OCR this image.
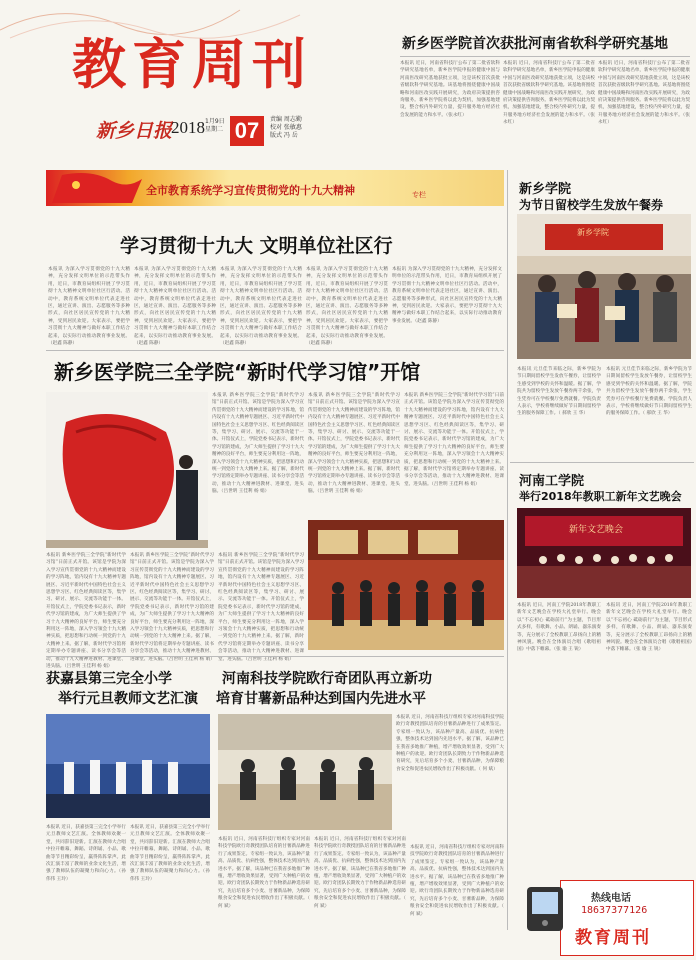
教育周刊
新乡日报
2018 1月9日
星期二 07	责编 周志勤
校对 张敏惠
版式 冯 岳
新乡医学院首次获批河南省软科学研究基地
本报讯 近日，河南省科技厅公布了第二批省软科学研究基地名单，新乡医学院申报的健康中国与河南医改研究基地获批立项，这是该校首次获批省级软科学研究基地。该基地将围绕健康中国战略和河南医改实践开展研究，为政府决策提供咨询服务。新乡医学院将以此为契机，加强基地建设，整合校内外研究力量，提升服务地方经济社会发展的能力和水平。（张永红）
本报讯 近日，河南省科技厅公布了第二批省软科学研究基地名单，新乡医学院申报的健康中国与河南医改研究基地获批立项，这是该校首次获批省级软科学研究基地。该基地将围绕健康中国战略和河南医改实践开展研究，为政府决策提供咨询服务。新乡医学院将以此为契机，加强基地建设，整合校内外研究力量，提升服务地方经济社会发展的能力和水平。（张永红）
本报讯 近日，河南省科技厅公布了第二批省软科学研究基地名单，新乡医学院申报的健康中国与河南医改研究基地获批立项，这是该校首次获批省级软科学研究基地。该基地将围绕健康中国战略和河南医改实践开展研究，为政府决策提供咨询服务。新乡医学院将以此为契机，加强基地建设，整合校内外研究力量，提升服务地方经济社会发展的能力和水平。（张永红）
全市教育系统学习宣传贯彻党的十九大精神	专栏
学习贯彻十九大 文明单位社区行
本报讯 为深入学习贯彻党的十九大精神，充分发挥文明单位的示范带头作用，近日，市教育局组织开展了学习贯彻十九大精神文明单位社区行活动。活动中，教育系统文明单位代表走进社区，通过宣讲、演出、志愿服务等多种形式，向社区居民宣传党的十九大精神，受到居民欢迎。大家表示，要把学习贯彻十九大精神与做好本职工作结合起来，以实际行动推动教育事业发展。（赵鑫 陈静）
本报讯 为深入学习贯彻党的十九大精神，充分发挥文明单位的示范带头作用，近日，市教育局组织开展了学习贯彻十九大精神文明单位社区行活动。活动中，教育系统文明单位代表走进社区，通过宣讲、演出、志愿服务等多种形式，向社区居民宣传党的十九大精神，受到居民欢迎。大家表示，要把学习贯彻十九大精神与做好本职工作结合起来，以实际行动推动教育事业发展。（赵鑫 陈静）
本报讯 为深入学习贯彻党的十九大精神，充分发挥文明单位的示范带头作用，近日，市教育局组织开展了学习贯彻十九大精神文明单位社区行活动。活动中，教育系统文明单位代表走进社区，通过宣讲、演出、志愿服务等多种形式，向社区居民宣传党的十九大精神，受到居民欢迎。大家表示，要把学习贯彻十九大精神与做好本职工作结合起来，以实际行动推动教育事业发展。（赵鑫 陈静）
本报讯 为深入学习贯彻党的十九大精神，充分发挥文明单位的示范带头作用，近日，市教育局组织开展了学习贯彻十九大精神文明单位社区行活动。活动中，教育系统文明单位代表走进社区，通过宣讲、演出、志愿服务等多种形式，向社区居民宣传党的十九大精神，受到居民欢迎。大家表示，要把学习贯彻十九大精神与做好本职工作结合起来，以实际行动推动教育事业发展。（赵鑫 陈静）
本报讯 为深入学习贯彻党的十九大精神，充分发挥文明单位的示范带头作用，近日，市教育局组织开展了学习贯彻十九大精神文明单位社区行活动。活动中，教育系统文明单位代表走进社区，通过宣讲、演出、志愿服务等多种形式，向社区居民宣传党的十九大精神，受到居民欢迎。大家表示，要把学习贯彻十九大精神与做好本职工作结合起来，以实际行动推动教育事业发展。（赵鑫 陈静）
新乡学院
为节日留校学生发放午餐券
新乡学院
本报讯 元旦佳节来临之际，新乡学院为节日期间留校学生发放午餐券，让留校学生感受到学校的关怀和温暖。据了解，学院共为留校学生发放午餐券两千余张，学生凭券可在学校餐厅免费就餐。学院负责人表示，学校将继续做好节日期间留校学生的服务保障工作。（ 郝欣 王 华）
本报讯 元旦佳节来临之际，新乡学院为节日期间留校学生发放午餐券，让留校学生感受到学校的关怀和温暖。据了解，学院共为留校学生发放午餐券两千余张，学生凭券可在学校餐厅免费就餐。学院负责人表示，学校将继续做好节日期间留校学生的服务保障工作。（ 郝欣 王 华）
新乡医学院三全学院“新时代学习馆”开馆
本报讯 新乡医学院三全学院“新时代学习馆”日前正式开馆。该馆是学院为深入学习宣传贯彻党的十九大精神而建设的学习阵地，馆内设有十九大精神专题展区、习近平新时代中国特色社会主义思想学习区、红色经典阅读区等，集学习、研讨、展示、交流等功能于一体。开馆仪式上，学院党委书记表示，新时代学习馆的建成，为广大师生提供了学习十九大精神的良好平台，师生要充分利用这一阵地，深入学习领会十九大精神实质，把思想和行动统一到党的十九大精神上来。据了解，新时代学习馆将定期举办专题讲座、读书分享会等活动，推动十九大精神进教材、进课堂、进头脑。（吕世明 王佳利 杨 娟）
本报讯 新乡医学院三全学院“新时代学习馆”日前正式开馆。该馆是学院为深入学习宣传贯彻党的十九大精神而建设的学习阵地，馆内设有十九大精神专题展区、习近平新时代中国特色社会主义思想学习区、红色经典阅读区等，集学习、研讨、展示、交流等功能于一体。开馆仪式上，学院党委书记表示，新时代学习馆的建成，为广大师生提供了学习十九大精神的良好平台，师生要充分利用这一阵地，深入学习领会十九大精神实质，把思想和行动统一到党的十九大精神上来。据了解，新时代学习馆将定期举办专题讲座、读书分享会等活动，推动十九大精神进教材、进课堂、进头脑。（吕世明 王佳利 杨 娟）
本报讯 新乡医学院三全学院“新时代学习馆”日前正式开馆。该馆是学院为深入学习宣传贯彻党的十九大精神而建设的学习阵地，馆内设有十九大精神专题展区、习近平新时代中国特色社会主义思想学习区、红色经典阅读区等，集学习、研讨、展示、交流等功能于一体。开馆仪式上，学院党委书记表示，新时代学习馆的建成，为广大师生提供了学习十九大精神的良好平台，师生要充分利用这一阵地，深入学习领会十九大精神实质，把思想和行动统一到党的十九大精神上来。据了解，新时代学习馆将定期举办专题讲座、读书分享会等活动，推动十九大精神进教材、进课堂、进头脑。（吕世明 王佳利 杨 娟）
本报讯 新乡医学院三全学院“新时代学习馆”日前正式开馆。该馆是学院为深入学习宣传贯彻党的十九大精神而建设的学习阵地，馆内设有十九大精神专题展区、习近平新时代中国特色社会主义思想学习区、红色经典阅读区等，集学习、研讨、展示、交流等功能于一体。开馆仪式上，学院党委书记表示，新时代学习馆的建成，为广大师生提供了学习十九大精神的良好平台，师生要充分利用这一阵地，深入学习领会十九大精神实质，把思想和行动统一到党的十九大精神上来。据了解，新时代学习馆将定期举办专题讲座、读书分享会等活动，推动十九大精神进教材、进课堂、进头脑。（吕世明 王佳利 杨 娟）
本报讯 新乡医学院三全学院“新时代学习馆”日前正式开馆。该馆是学院为深入学习宣传贯彻党的十九大精神而建设的学习阵地，馆内设有十九大精神专题展区、习近平新时代中国特色社会主义思想学习区、红色经典阅读区等，集学习、研讨、展示、交流等功能于一体。开馆仪式上，学院党委书记表示，新时代学习馆的建成，为广大师生提供了学习十九大精神的良好平台，师生要充分利用这一阵地，深入学习领会十九大精神实质，把思想和行动统一到党的十九大精神上来。据了解，新时代学习馆将定期举办专题讲座、读书分享会等活动，推动十九大精神进教材、进课堂、进头脑。（吕世明 王佳利 杨 娟）
本报讯 新乡医学院三全学院“新时代学习馆”日前正式开馆。该馆是学院为深入学习宣传贯彻党的十九大精神而建设的学习阵地，馆内设有十九大精神专题展区、习近平新时代中国特色社会主义思想学习区、红色经典阅读区等，集学习、研讨、展示、交流等功能于一体。开馆仪式上，学院党委书记表示，新时代学习馆的建成，为广大师生提供了学习十九大精神的良好平台，师生要充分利用这一阵地，深入学习领会十九大精神实质，把思想和行动统一到党的十九大精神上来。据了解，新时代学习馆将定期举办专题讲座、读书分享会等活动，推动十九大精神进教材、进课堂、进头脑。（吕世明 王佳利 杨 娟）
河南工学院
举行2018年教职工新年文艺晚会
新年文艺晚会
本报讯 近日，河南工学院2018年教职工新年文艺晚会在学校大礼堂举行。晚会以“不忘初心 砥砺前行”为主题，节目形式多样，有歌舞、小品、朗诵、器乐演奏等，充分展示了全校教职工昂扬向上的精神风貌。晚会在全体演员合唱《歌唱祖国》中落下帷幕。（张 瑜 王 锐）
本报讯 近日，河南工学院2018年教职工新年文艺晚会在学校大礼堂举行。晚会以“不忘初心 砥砺前行”为主题，节目形式多样，有歌舞、小品、朗诵、器乐演奏等，充分展示了全校教职工昂扬向上的精神风貌。晚会在全体演员合唱《歌唱祖国》中落下帷幕。（张 瑜 王 锐）
获嘉县第三完全小学
举行元旦教师文艺汇演
本报讯 近日，获嘉县第三完全小学举行元旦教师文艺汇演。全体教师欢聚一堂，共同辞旧迎新。汇演在教师大合唱中拉开帷幕，舞蹈、诗朗诵、小品、歌曲等节目精彩纷呈，赢得阵阵掌声。此次汇演丰富了教师的业余文化生活，增强了教师队伍的凝聚力和向心力。（孙伟伟 王玲）
本报讯 近日，获嘉县第三完全小学举行元旦教师文艺汇演。全体教师欢聚一堂，共同辞旧迎新。汇演在教师大合唱中拉开帷幕，舞蹈、诗朗诵、小品、歌曲等节目精彩纷呈，赢得阵阵掌声。此次汇演丰富了教师的业余文化生活，增强了教师队伍的凝聚力和向心力。（孙伟伟 王玲）
河南科技学院欧行奇团队再立新功
培育甘薯新品种达到国内先进水平
本报讯 近日，河南省科技厅组织专家对河南科技学院欧行奇教授团队培育的甘薯新品种进行了成果鉴定。专家组一致认为，该品种产量高、品质优、抗病性强，整体技术达到国内先进水平。据了解，该品种已在我省多地推广种植，增产增收效果显著，受到广大种植户的欢迎。欧行奇团队长期致力于作物新品种选育研究，先后培育多个小麦、甘薯新品种，为保障粮食安全和促进农民增收作出了积极贡献。（ 何 斌）
本报讯 近日，河南省科技厅组织专家对河南科技学院欧行奇教授团队培育的甘薯新品种进行了成果鉴定。专家组一致认为，该品种产量高、品质优、抗病性强，整体技术达到国内先进水平。据了解，该品种已在我省多地推广种植，增产增收效果显著，受到广大种植户的欢迎。欧行奇团队长期致力于作物新品种选育研究，先后培育多个小麦、甘薯新品种，为保障粮食安全和促进农民增收作出了积极贡献。（ 何 斌）
本报讯 近日，河南省科技厅组织专家对河南科技学院欧行奇教授团队培育的甘薯新品种进行了成果鉴定。专家组一致认为，该品种产量高、品质优、抗病性强，整体技术达到国内先进水平。据了解，该品种已在我省多地推广种植，增产增收效果显著，受到广大种植户的欢迎。欧行奇团队长期致力于作物新品种选育研究，先后培育多个小麦、甘薯新品种，为保障粮食安全和促进农民增收作出了积极贡献。（ 何 斌）
本报讯 近日，河南省科技厅组织专家对河南科技学院欧行奇教授团队培育的甘薯新品种进行了成果鉴定。专家组一致认为，该品种产量高、品质优、抗病性强，整体技术达到国内先进水平。据了解，该品种已在我省多地推广种植，增产增收效果显著，受到广大种植户的欢迎。欧行奇团队长期致力于作物新品种选育研究，先后培育多个小麦、甘薯新品种，为保障粮食安全和促进农民增收作出了积极贡献。（ 何 斌）
热线电话
18637377126
教育周刊
